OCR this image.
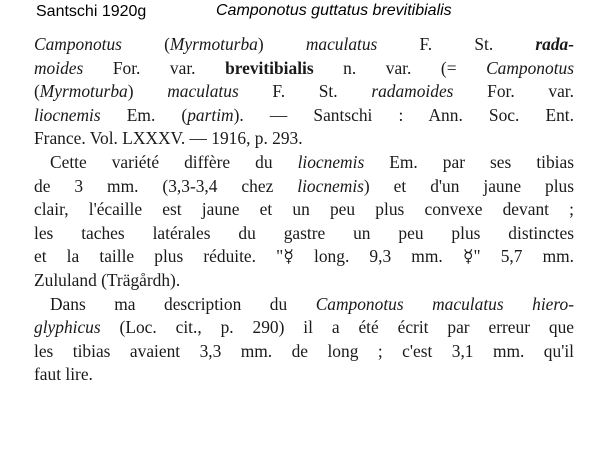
Santschi 1920g	Camponotus guttatus brevitibialis
Camponotus (Myrmoturba) maculatus F. St. rada-
moides For. var. brevitibialis n. var. (= Camponotus
(Myrmoturba) maculatus F. St. radamoides For. var.
liocnemis Em. (partim). — Santschi : Ann. Soc. Ent.
France. Vol. LXXXV. — 1916, p. 293.
Cette variété diffère du liocnemis Em. par ses tibias
de 3 mm. (3,3-3,4 chez liocnemis) et d'un jaune plus
clair, l'écaille est jaune et un peu plus convexe devant ;
les taches latérales du gastre un peu plus distinctes
et la taille plus réduite. "☿ long. 9,3 mm. ☿" 5,7 mm.
Zululand (Trägårdh).
Dans ma description du Camponotus maculatus hiero-
glyphicus (Loc. cit., p. 290) il a été écrit par erreur que
les tibias avaient 3,3 mm. de long ; c'est 3,1 mm. qu'il
faut lire.
